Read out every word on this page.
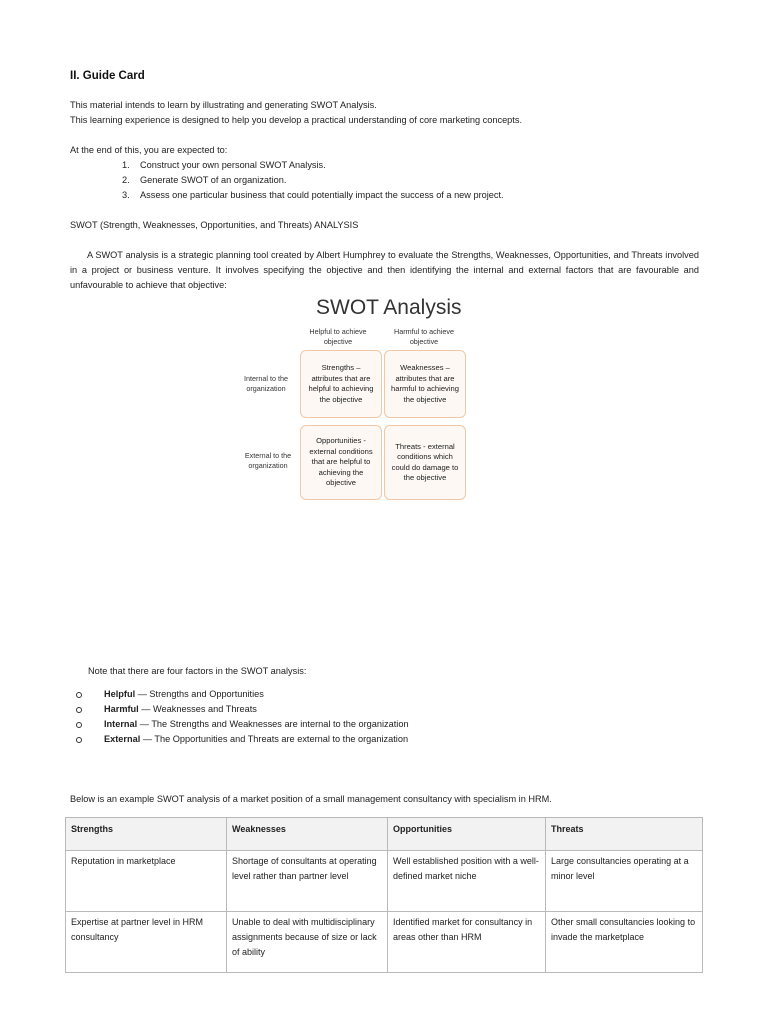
II. Guide Card

This material intends to learn by illustrating and generating SWOT Analysis.

This learning experience is designed to help you develop a practical understanding of core marketing concepts.

At the end of this, you are expected to:

1. Construct your own personal SWOT Analysis.
2. Generate SWOT of an organization.
3. Assess one particular business that could potentially impact the success of a new project.

SWOT (Strength, Weaknesses, Opportunities, and Threats) ANALYSIS

A SWOT analysis is a strategic planning tool created by Albert Humphrey to evaluate the Strengths, Weaknesses, Opportunities, and Threats involved in a project or business venture. It involves specifying the objective and then identifying the internal and external factors that are favourable and unfavourable to achieve that objective:

SWOT Analysis
Helpful to achieve objective
Harmful to achieve objective
Internal to the organization
External to the organization
Strengths – attributes that are helpful to achieving the objective
Weaknesses – attributes that are harmful to achieving the objective
Opportunities - external conditions that are helpful to achieving the objective
Threats - external conditions which could do damage to the objective

Note that there are four factors in the SWOT analysis:

Helpful — Strengths and Opportunities
Harmful — Weaknesses and Threats
Internal — The Strengths and Weaknesses are internal to the organization
External — The Opportunities and Threats are external to the organization

Below is an example SWOT analysis of a market position of a small management consultancy with specialism in HRM.

Strengths	Weaknesses	Opportunities	Threats
Reputation in marketplace	Shortage of consultants at operating level rather than partner level	Well established position with a well-defined market niche	Large consultancies operating at a minor level
Expertise at partner level in HRM consultancy	Unable to deal with multidisciplinary assignments because of size or lack of ability	Identified market for consultancy in areas other than HRM	Other small consultancies looking to invade the marketplace
